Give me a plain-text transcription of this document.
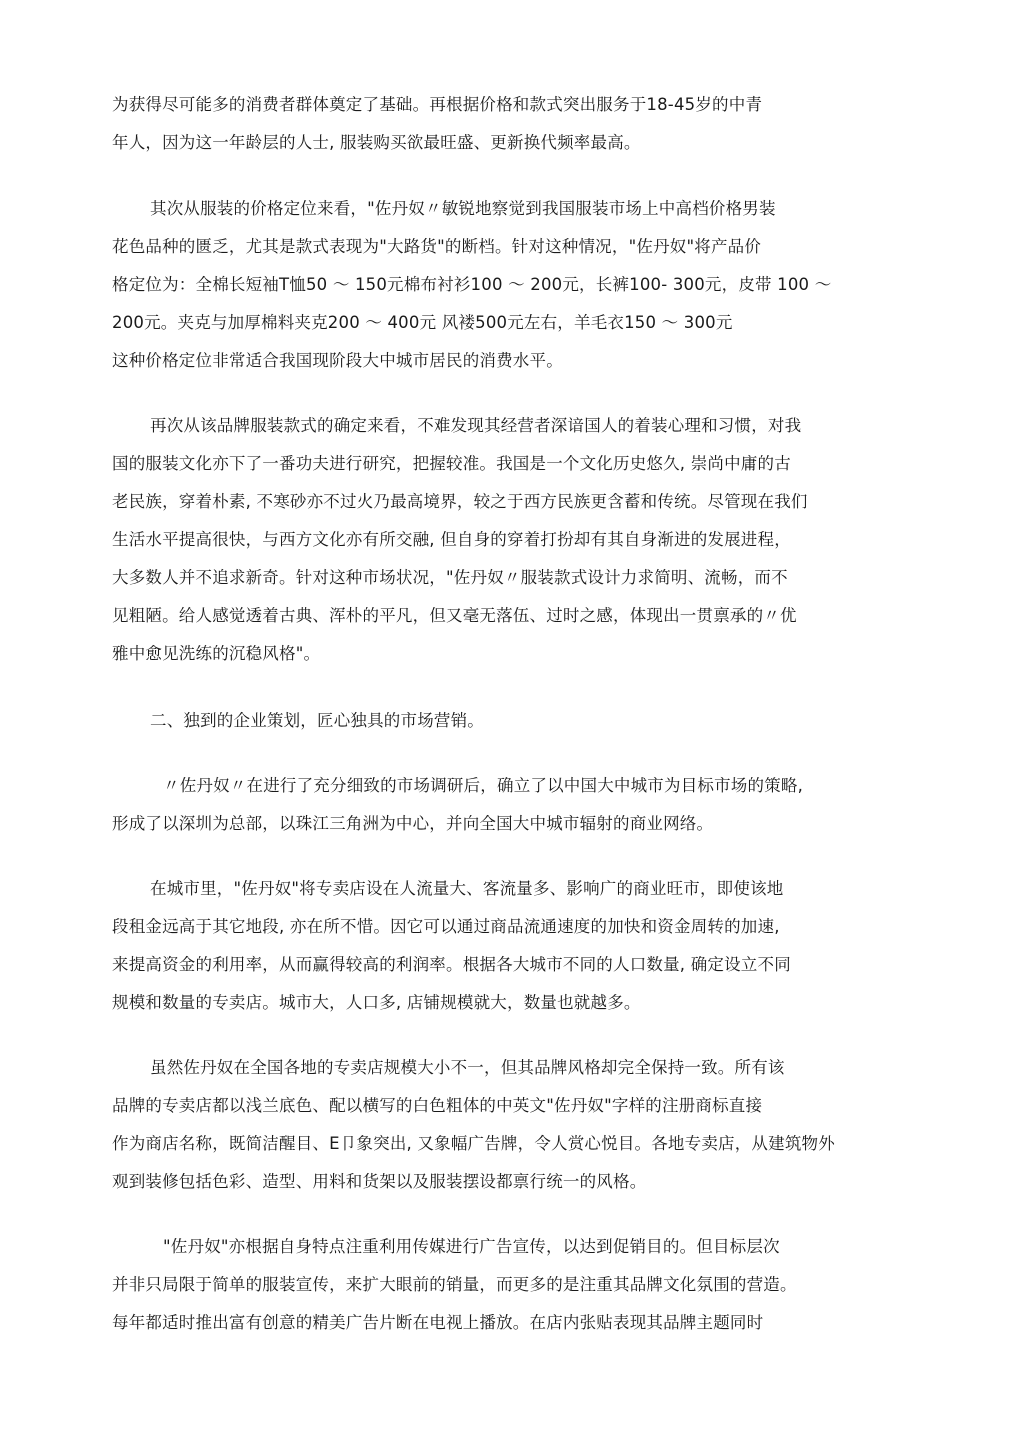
为获得尽可能多的消费者群体奠定了基础。再根据价格和款式突出服务于18-45岁的中青
年人，因为这一年龄层的人士, 服装购买欲最旺盛、更新换代频率最高。
其次从服装的价格定位来看，"佐丹奴〃敏锐地察觉到我国服装市场上中高档价格男装
花色品种的匮乏，尤其是款式表现为"大路货"的断档。针对这种情况，"佐丹奴"将产品价
格定位为：全棉长短袖T恤50 ～ 150元棉布衬衫100 ～ 200元，长裤100- 300元，皮带 100 ～
200元。夹克与加厚棉料夹克200 ～ 400元 风褛500元左右，羊毛衣150 ～ 300元
这种价格定位非常适合我国现阶段大中城市居民的消费水平。
再次从该品牌服装款式的确定来看，不难发现其经营者深谙国人的着装心理和习惯，对我
国的服装文化亦下了一番功夫进行研究，把握较准。我国是一个文化历史悠久, 崇尚中庸的古
老民族，穿着朴素, 不寒砂亦不过火乃最高境界，较之于西方民族更含蓄和传统。尽管现在我们
生活水平提高很快，与西方文化亦有所交融, 但自身的穿着打扮却有其自身渐进的发展进程，
大多数人并不追求新奇。针对这种市场状况，"佐丹奴〃服装款式设计力求简明、流畅，而不
见粗陋。给人感觉透着古典、浑朴的平凡，但又毫无落伍、过时之感，体现出一贯禀承的〃优
雅中愈见洗练的沉稳风格"。
二、独到的企业策划，匠心独具的市场营销。
〃佐丹奴〃在进行了充分细致的市场调研后，确立了以中国大中城市为目标市场的策略,
形成了以深圳为总部，以珠江三角洲为中心，并向全国大中城市辐射的商业网络。
在城市里，"佐丹奴"将专卖店设在人流量大、客流量多、影响广的商业旺市，即使该地
段租金远高于其它地段, 亦在所不惜。因它可以通过商品流通速度的加快和资金周转的加速,
来提高资金的利用率，从而赢得较高的利润率。根据各大城市不同的人口数量, 确定设立不同
规模和数量的专卖店。城市大，人口多, 店铺规模就大，数量也就越多。
虽然佐丹奴在全国各地的专卖店规模大小不一，但其品牌风格却完全保持一致。所有该
品牌的专卖店都以浅兰底色、配以横写的白色粗体的中英文"佐丹奴"字样的注册商标直接
作为商店名称，既简洁醒目、E卩象突出, 又象幅广告牌，令人赏心悦目。各地专卖店，从建筑物外
观到装修包括色彩、造型、用料和货架以及服装摆设都禀行统一的风格。
"佐丹奴"亦根据自身特点注重利用传媒进行广告宣传，以达到促销目的。但目标层次
并非只局限于简单的服装宣传，来扩大眼前的销量，而更多的是注重其品牌文化氛围的营造。
每年都适时推出富有创意的精美广告片断在电视上播放。在店内张贴表现其品牌主题同时
